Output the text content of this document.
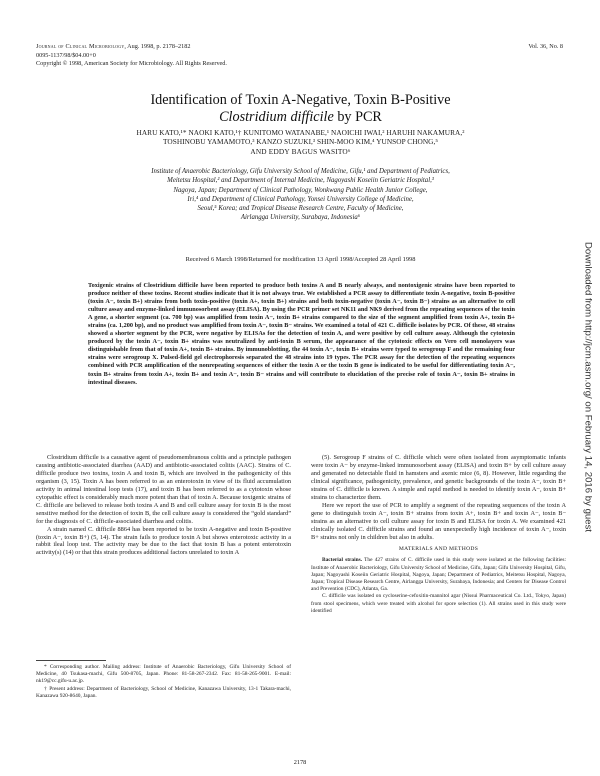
Journal of Clinical Microbiology, Aug. 1998, p. 2178–2182
0095-1137/98/$04.00+0
Copyright © 1998, American Society for Microbiology. All Rights Reserved.
Vol. 36, No. 8
Identification of Toxin A-Negative, Toxin B-Positive
Clostridium difficile by PCR
HARU KATO,¹* NAOKI KATO,¹† KUNITOMO WATANABE,¹ NAOICHI IWAI,² HARUHI NAKAMURA,²
TOSHINOBU YAMAMOTO,³ KANZO SUZUKI,³ SHIN-MOO KIM,⁴ YUNSOP CHONG,⁵
AND EDDY BAGUS WASITO⁶
Institute of Anaerobic Bacteriology, Gifu University School of Medicine, Gifu,¹ and Department of Pediatrics,
Meitetsu Hospital,² and Department of Internal Medicine, Nagoyashi Koseiin Geriatric Hospital,³
Nagoya, Japan; Department of Clinical Pathology, Wonkwang Public Health Junior College,
Iri,⁴ and Department of Clinical Pathology, Yonsei University College of Medicine,
Seoul,⁵ Korea; and Tropical Disease Research Centre, Faculty of Medicine,
Airlangga University, Surabaya, Indonesia⁶
Received 6 March 1998/Returned for modification 13 April 1998/Accepted 28 April 1998
Toxigenic strains of Clostridium difficile have been reported to produce both toxins A and B nearly always, and nontoxigenic strains have been reported to produce neither of these toxins. Recent studies indicate that it is not always true. We established a PCR assay to differentiate toxin A-negative, toxin B-positive (toxin A−, toxin B+) strains from both toxin-positive (toxin A+, toxin B+) strains and both toxin-negative (toxin A−, toxin B−) strains as an alternative to cell culture assay and enzyme-linked immunosorbent assay (ELISA). By using the PCR primer set NK11 and NK9 derived from the repeating sequences of the toxin A gene, a shorter segment (ca. 700 bp) was amplified from toxin A−, toxin B+ strains compared to the size of the segment amplified from toxin A+, toxin B+ strains (ca. 1,200 bp), and no product was amplified from toxin A−, toxin B− strains. We examined a total of 421 C. difficile isolates by PCR. Of these, 48 strains showed a shorter segment by the PCR, were negative by ELISAs for the detection of toxin A, and were positive by cell culture assay. Although the cytotoxin produced by the toxin A−, toxin B+ strains was neutralized by anti-toxin B serum, the appearance of the cytotoxic effects on Vero cell monolayers was distinguishable from that of toxin A+, toxin B+ strains. By immunoblotting, the 44 toxin A−, toxin B+ strains were typed to serogroup F and the remaining four strains were serogroup X. Pulsed-field gel electrophoresis separated the 48 strains into 19 types. The PCR assay for the detection of the repeating sequences combined with PCR amplification of the nonrepeating sequences of either the toxin A or the toxin B gene is indicated to be useful for differentiating toxin A−, toxin B+ strains from toxin A+, toxin B+ and toxin A−, toxin B− strains and will contribute to elucidation of the precise role of toxin A−, toxin B+ strains in intestinal diseases.

Clostridium difficile is a causative agent of pseudomembranous colitis and a principle pathogen causing antibiotic-associated diarrhea (AAD) and antibiotic-associated colitis (AAC). Strains of C. difficile produce two toxins, toxin A and toxin B, which are involved in the pathogenicity of this organism (3, 15). Toxin A has been referred to as an enterotoxin in view of its fluid accumulation activity in animal intestinal loop tests (17), and toxin B has been referred to as a cytotoxin whose cytopathic effect is considerably much more potent than that of toxin A. Because toxigenic strains of C. difficile are believed to release both toxins A and B and cell culture assay for toxin B is the most sensitive method for the detection of toxin B, the cell culture assay is considered the “gold standard” for the diagnosis of C. difficile-associated diarrhea and colitis.

A strain named C. difficile 8864 has been reported to be toxin A-negative and toxin B-positive (toxin A−, toxin B+) (5, 14). The strain fails to produce toxin A but shows enterotoxic activity in a rabbit ileal loop test. The activity may be due to the fact that toxin B has a potent enterotoxin activity(s) (14) or that this strain produces additional factors unrelated to toxin A

* Corresponding author. Mailing address: Institute of Anaerobic Bacteriology, Gifu University School of Medicine, 40 Tsukasa-machi, Gifu 500-8705, Japan. Phone: 81-58-267-2342. Fax: 81-58-265-9001. E-mail: nk19@cc.gifu-u.ac.jp.

† Present address: Department of Bacteriology, School of Medicine, Kanazawa University, 13-1 Takara-machi, Kanazawa 920-8640, Japan.

(5). Serogroup F strains of C. difficile which were often isolated from asymptomatic infants were toxin A− by enzyme-linked immunosorbent assay (ELISA) and toxin B+ by cell culture assay and generated no detectable fluid in hamsters and axenic mice (6, 8). However, little regarding the clinical significance, pathogenicity, prevalence, and genetic backgrounds of the toxin A−, toxin B+ strains of C. difficile is known. A simple and rapid method is needed to identify toxin A−, toxin B+ strains to characterize them.

Here we report the use of PCR to amplify a segment of the repeating sequences of the toxin A gene to distinguish toxin A−, toxin B+ strains from toxin A+, toxin B+ and toxin A−, toxin B− strains as an alternative to cell culture assay for toxin B and ELISA for toxin A. We examined 421 clinically isolated C. difficile strains and found an unexpectedly high incidence of toxin A−, toxin B+ strains not only in children but also in adults.

MATERIALS AND METHODS

Bacterial strains. The 427 strains of C. difficile used in this study were isolated at the following facilities: Institute of Anaerobic Bacteriology, Gifu University School of Medicine, Gifu, Japan; Gifu University Hospital, Gifu, Japan; Nagoyashi Koseiin Geriatric Hospital, Nagoya, Japan; Department of Pediatrics, Meitetsu Hospital, Nagoya, Japan; Tropical Disease Research Centre, Airlangga University, Surabaya, Indonesia; and Centers for Disease Control and Prevention (CDC), Atlanta, Ga.

C. difficile was isolated on cycloserine-cefoxitin-mannitol agar (Nissui Pharmaceutical Co. Ltd., Tokyo, Japan) from stool specimens, which were treated with alcohol for spore selection (1). All strains used in this study were identified

2178
Downloaded from http://jcm.asm.org/ on February 14, 2016 by guest
